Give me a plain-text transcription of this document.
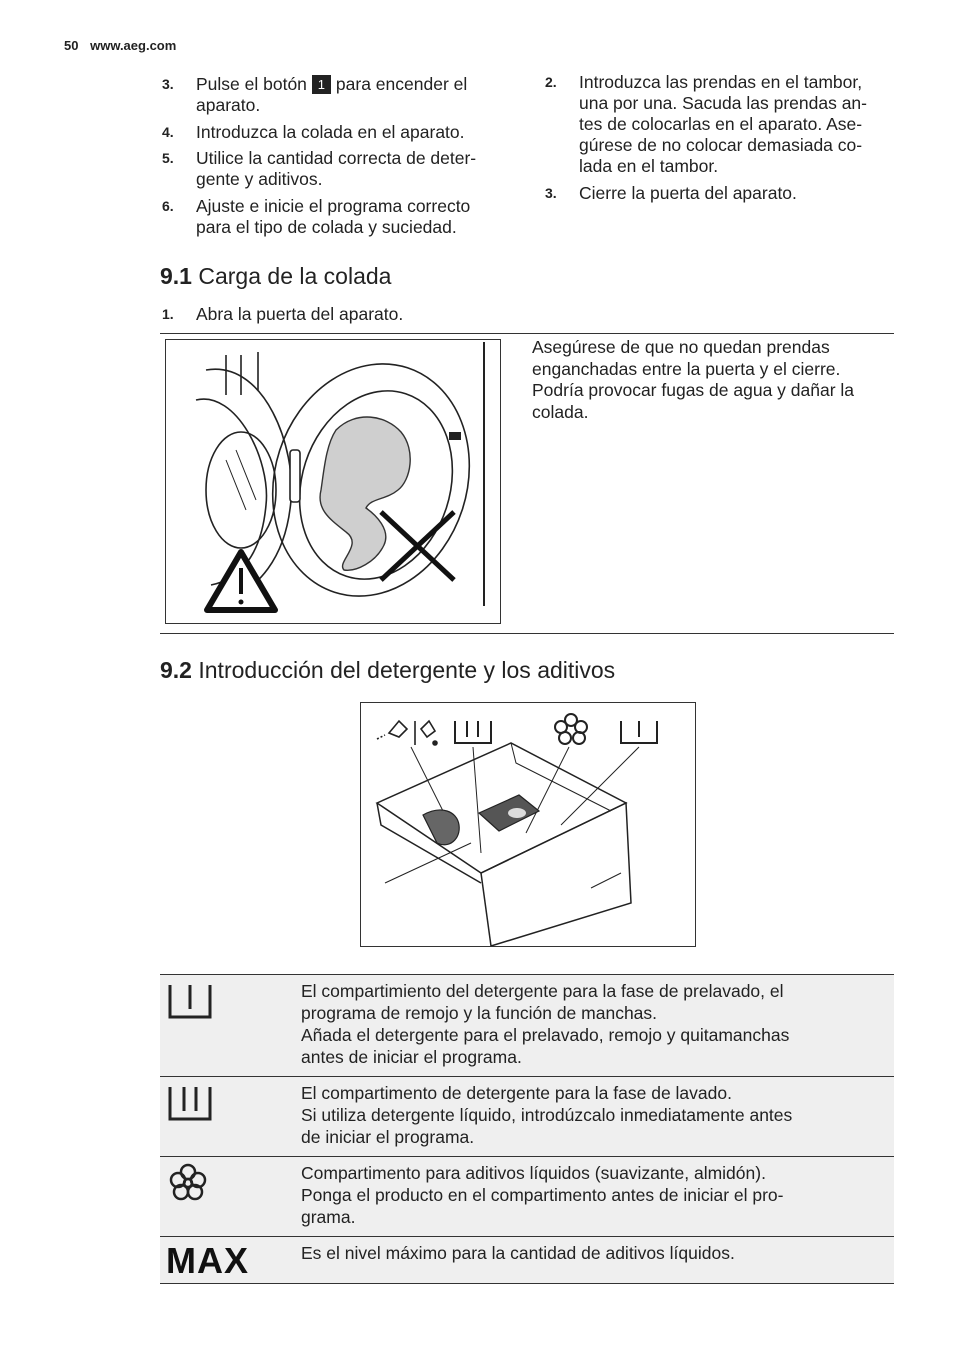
50 www.aeg.com
3. Pulse el botón 1 para encender el
aparato.
4. Introduzca la colada en el aparato.
5. Utilice la cantidad correcta de deter-
gente y aditivos.
6. Ajuste e inicie el programa correcto
para el tipo de colada y suciedad.
2. Introduzca las prendas en el tambor,
una por una. Sacuda las prendas an-
tes de colocarlas en el aparato. Ase-
gúrese de no colocar demasiada co-
lada en el tambor.
3. Cierre la puerta del aparato.
9.1 Carga de la colada
1. Abra la puerta del aparato.
Asegúrese de que no quedan prendas
enganchadas entre la puerta y el cierre.
Podría provocar fugas de agua y dañar la
colada.
9.2 Introducción del detergente y los aditivos
El compartimiento del detergente para la fase de prelavado, el
programa de remojo y la función de manchas.
Añada el detergente para el prelavado, remojo y quitamanchas
antes de iniciar el programa.
El compartimento de detergente para la fase de lavado.
Si utiliza detergente líquido, introdúzcalo inmediatamente antes
de iniciar el programa.
Compartimento para aditivos líquidos (suavizante, almidón).
Ponga el producto en el compartimento antes de iniciar el pro-
grama.
MAX	Es el nivel máximo para la cantidad de aditivos líquidos.
